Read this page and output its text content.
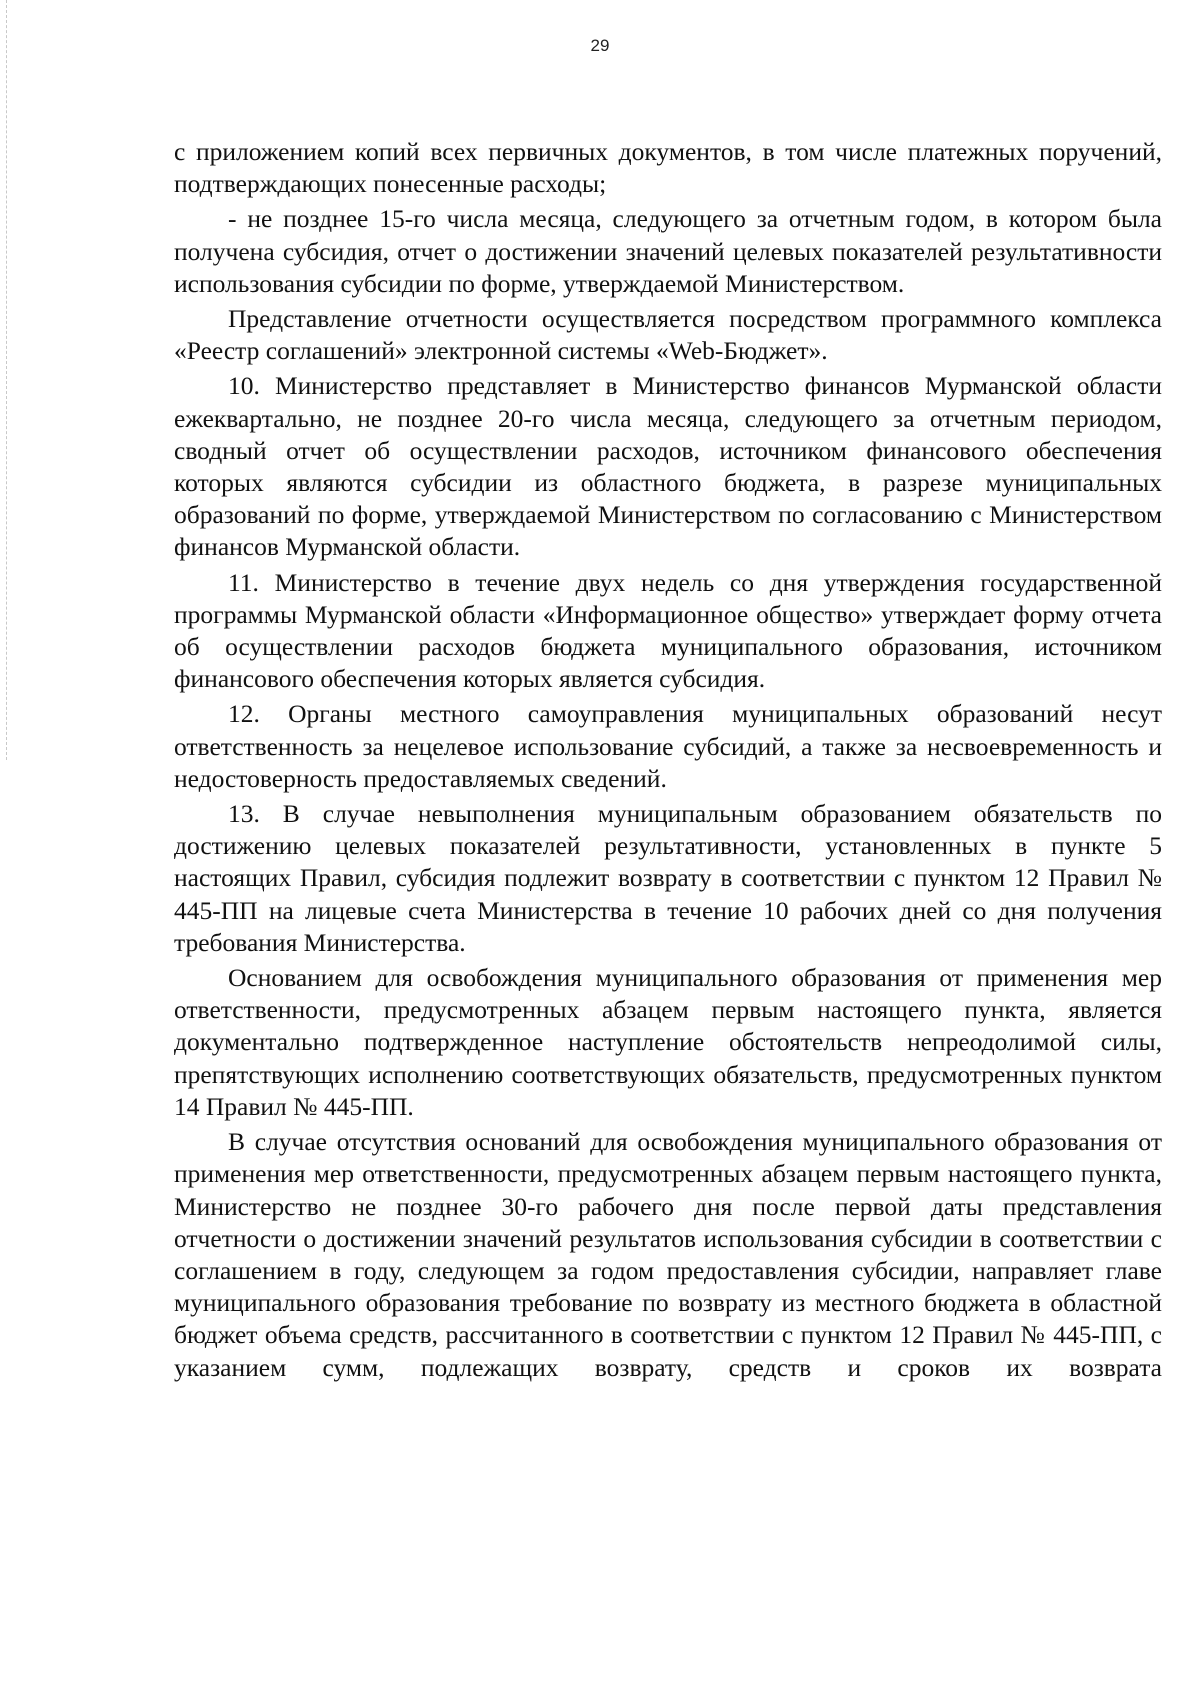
29

с приложением копий всех первичных документов, в том числе платежных поручений, подтверждающих понесенные расходы;

- не позднее 15-го числа месяца, следующего за отчетным годом, в котором была получена субсидия, отчет о достижении значений целевых показателей результативности использования субсидии по форме, утверждаемой Министерством.

Представление отчетности осуществляется посредством программного комплекса «Реестр соглашений» электронной системы «Web-Бюджет».

10. Министерство представляет в Министерство финансов Мурманской области ежеквартально, не позднее 20-го числа месяца, следующего за отчетным периодом, сводный отчет об осуществлении расходов, источником финансового обеспечения которых являются субсидии из областного бюджета, в разрезе муниципальных образований по форме, утверждаемой Министерством по согласованию с Министерством финансов Мурманской области.

11. Министерство в течение двух недель со дня утверждения государственной программы Мурманской области «Информационное общество» утверждает форму отчета об осуществлении расходов бюджета муниципального образования, источником финансового обеспечения которых является субсидия.

12. Органы местного самоуправления муниципальных образований несут ответственность за нецелевое использование субсидий, а также за несвоевременность и недостоверность предоставляемых сведений.

13. В случае невыполнения муниципальным образованием обязательств по достижению целевых показателей результативности, установленных в пункте 5 настоящих Правил, субсидия подлежит возврату в соответствии с пунктом 12 Правил № 445-ПП на лицевые счета Министерства в течение 10 рабочих дней со дня получения требования Министерства.

Основанием для освобождения муниципального образования от применения мер ответственности, предусмотренных абзацем первым настоящего пункта, является документально подтвержденное наступление обстоятельств непреодолимой силы, препятствующих исполнению соответствующих обязательств, предусмотренных пунктом 14 Правил № 445-ПП.

В случае отсутствия оснований для освобождения муниципального образования от применения мер ответственности, предусмотренных абзацем первым настоящего пункта, Министерство не позднее 30-го рабочего дня после первой даты представления отчетности о достижении значений результатов использования субсидии в соответствии с соглашением в году, следующем за годом предоставления субсидии, направляет главе муниципального образования требование по возврату из местного бюджета в областной бюджет объема средств, рассчитанного в соответствии с пунктом 12 Правил № 445-ПП, с указанием сумм, подлежащих возврату, средств и сроков их возврата
